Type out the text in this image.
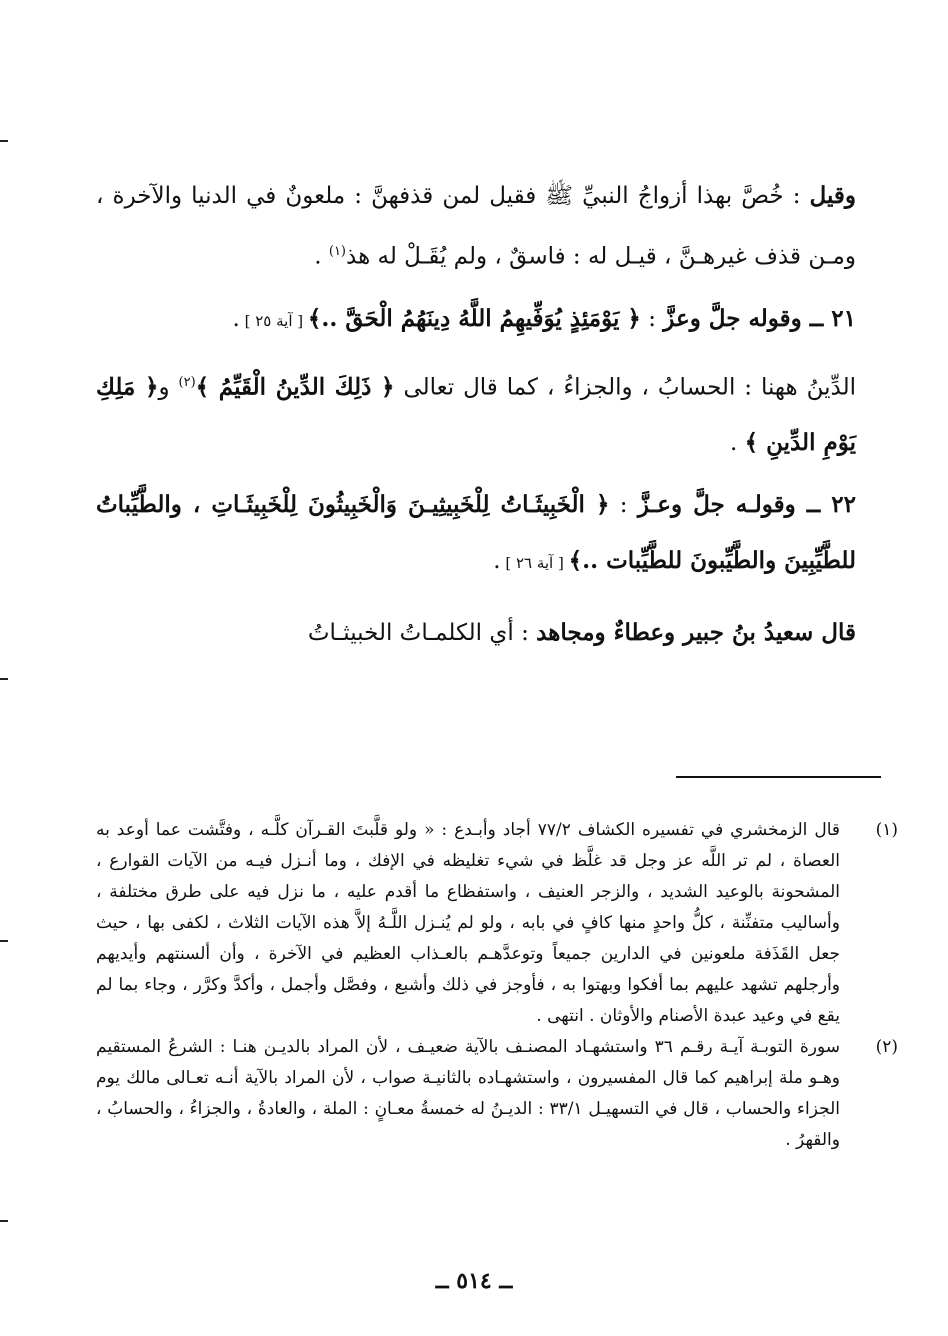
وقيل : خُصَّ بهذا أزواجُ النبيِّ ﷺ فقيل لمن قذفهنَّ : ملعونٌ في الدنيا والآخرة ، ومـن قذف غيرهـنَّ ، قيـل له : فاسقٌ ، ولم يُقَـلْ له هذ$^{(١)}$ .

٢١ ــ وقوله جلَّ وعزَّ : ﴿ يَوْمَئِذٍ يُوَفِّيهِمُ اللَّهُ دِينَهُمُ الْحَقَّ ..﴾ [ آية ٢٥ ] .

الدِّينُ ههنا : الحسابُ ، والجزاءُ ، كما قال تعالى ﴿ ذَلِكَ الدِّينُ الْقَيِّمُ ﴾$^{(٢)}$ و﴿ مَلِكِ يَوْمِ الدِّينِ ﴾ .

٢٢ ــ وقولـه جلَّ وعـزَّ : ﴿ الْخَبِيثَـاتُ لِلْخَبِيثِيـنَ وَالْخَبِيثُونَ لِلْخَبِيثَـاتِ ، والطَّيِّباتُ للطَّيِّبِينَ والطَّيِّبونَ للطَّيِّبات ..﴾ [ آية ٢٦ ] .

قال سعيدُ بنُ جبير وعطاءٌ ومجاهد : أي الكلمـاتُ الخبيثـاتُ

(١)
قال الزمخشري في تفسيره الكشاف ٧٧/٢ أجاد وأبـدع : « ولو قلَّبتَ القـرآن كلَّـه ، وفتَّشت عما أوعد به العصاة ، لم تر اللَّه عز وجل قد غلَّظ في شيء تغليظه في الإفك ، وما أنـزل فيـه من الآيات القوارع ، المشحونة بالوعيد الشديد ، والزجر العنيف ، واستفظاع ما أقدم عليه ، ما نزل فيه على طرق مختلفة ، وأساليب متفنِّنة ، كلُّ واحدٍ منها كافٍ في بابه ، ولو لم يُنـزل اللَّـهُ إلاَّ هذه الآيات الثلاث ، لكفى بها ، حيث جعل القَذَفة ملعونين في الدارين جميعاً وتوعدَّهـم بالعـذاب العظيم في الآخرة ، وأن ألسنتهم وأيديهم وأرجلهم تشهد عليهم بما أفكوا وبهتوا به ، فأوجز في ذلك وأشبع ، وفصَّل وأجمل ، وأكدَّ وكرَّر ، وجاء بما لم يقع في وعيد عبدة الأصنام والأوثان . انتهى .

(٢)
سورة التوبـة آيـة رقـم ٣٦ واستشهـاد المصنـف بالآية ضعيـف ، لأن المراد بالديـن هنـا : الشرعُ المستقيم وهـو ملة إبراهيم كما قال المفسيرون ، واستشهـاده بالثانيـة صواب ، لأن المراد بالآية أنـه تعـالى مالك يوم الجزاء والحساب ، قال في التسهيـل ٣٣/١ : الديـنُ له خمسةُ معـانٍ : الملة ، والعادةُ ، والجزاءُ ، والحسابُ ، والقهرُ .

ــ ٥١٤ ــ
